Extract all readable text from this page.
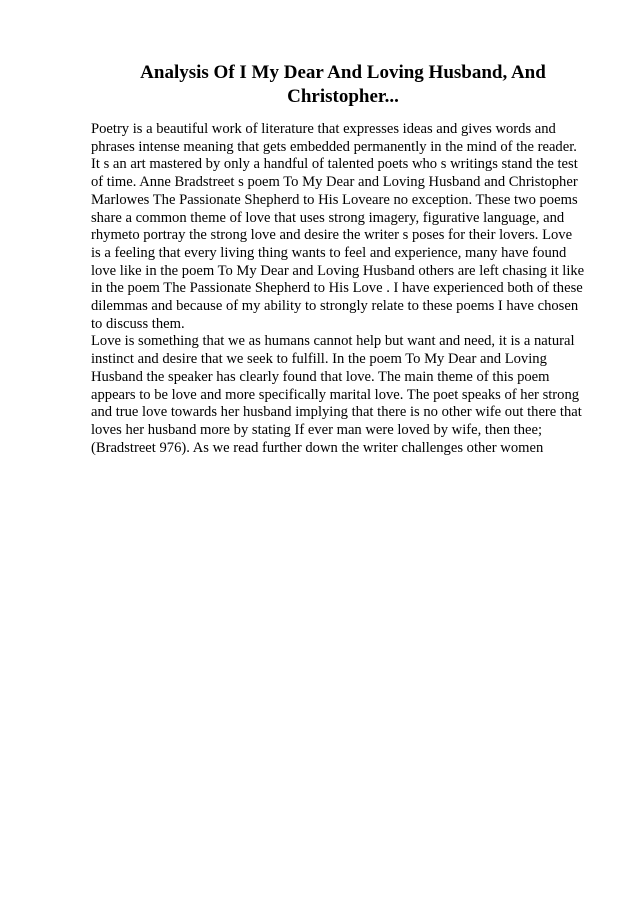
Analysis Of I My Dear And Loving Husband, And
Christopher...

Poetry is a beautiful work of literature that expresses ideas and gives words and
phrases intense meaning that gets embedded permanently in the mind of the reader.
It s an art mastered by only a handful of talented poets who s writings stand the test
of time. Anne Bradstreet s poem To My Dear and Loving Husband and Christopher
Marlowes The Passionate Shepherd to His Loveare no exception. These two poems
share a common theme of love that uses strong imagery, figurative language, and
rhymeto portray the strong love and desire the writer s poses for their lovers. Love
is a feeling that every living thing wants to feel and experience, many have found
love like in the poem To My Dear and Loving Husband others are left chasing it like
in the poem The Passionate Shepherd to His Love . I have experienced both of these
dilemmas and because of my ability to strongly relate to these poems I have chosen
to discuss them.

Love is something that we as humans cannot help but want and need, it is a natural
instinct and desire that we seek to fulfill. In the poem To My Dear and Loving
Husband the speaker has clearly found that love. The main theme of this poem
appears to be love and more specifically marital love. The poet speaks of her strong
and true love towards her husband implying that there is no other wife out there that
loves her husband more by stating If ever man were loved by wife, then thee;
(Bradstreet 976). As we read further down the writer challenges other women
